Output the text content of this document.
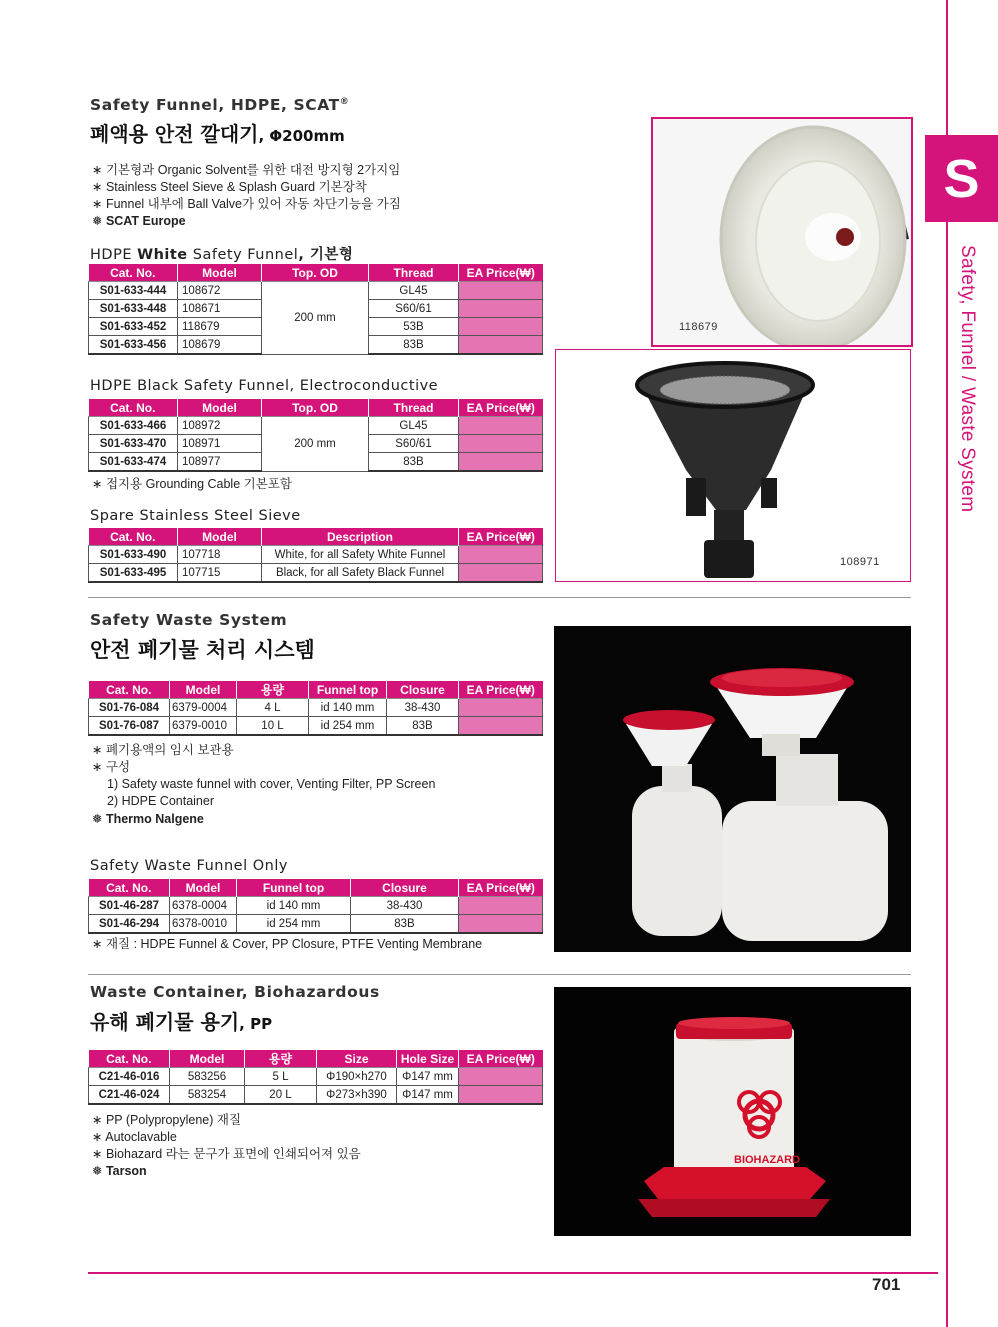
S
Safety, Funnel / Waste System
Safety Funnel, HDPE, SCAT®
폐액용 안전 깔대기, Φ200mm
∗ 기본형과 Organic Solvent를 위한 대전 방지형 2가지임
∗ Stainless Steel Sieve & Splash Guard 기본장착
∗ Funnel 내부에 Ball Valve가 있어 자동 차단기능을 가짐
❅ SCAT Europe
HDPE White Safety Funnel, 기본형
Cat. No.	Model	Top. OD	Thread	EA Price(₩)
S01-633-444	108672	200 mm	GL45	
S01-633-448	108671		S60/61	
S01-633-452	118679		53B	
S01-633-456	108679		83B	
HDPE Black Safety Funnel, Electroconductive
Cat. No.	Model	Top. OD	Thread	EA Price(₩)
S01-633-466	108972	200 mm	GL45	
S01-633-470	108971		S60/61	
S01-633-474	108977		83B	
∗ 접지용 Grounding Cable 기본포함
Spare Stainless Steel Sieve
Cat. No.	Model	Description	EA Price(₩)
S01-633-490	107718	White, for all Safety White Funnel	
S01-633-495	107715	Black, for all Safety Black Funnel	
118679
108971
Safety Waste System
안전 폐기물 처리 시스템
Cat. No.	Model	용량	Funnel top	Closure	EA Price(₩)
S01-76-084	6379-0004	4 L	id 140 mm	38-430	
S01-76-087	6379-0010	10 L	id 254 mm	83B	
∗ 폐기용액의 임시 보관용
∗ 구성
1) Safety waste funnel with cover, Venting Filter, PP Screen
2) HDPE Container
❅ Thermo Nalgene
Safety Waste Funnel Only
Cat. No.	Model	Funnel top	Closure	EA Price(₩)
S01-46-287	6378-0004	id 140 mm	38-430	
S01-46-294	6378-0010	id 254 mm	83B	
∗ 재질 : HDPE Funnel & Cover, PP Closure, PTFE Venting Membrane
Waste Container, Biohazardous
유해 폐기물 용기, PP
Cat. No.	Model	용량	Size	Hole Size	EA Price(₩)
C21-46-016	583256	5 L	Φ190×h270	Φ147 mm	
C21-46-024	583254	20 L	Φ273×h390	Φ147 mm	
∗ PP (Polypropylene) 재질
∗ Autoclavable
∗ Biohazard 라는 문구가 표면에 인쇄되어져 있음
❅ Tarson
BIOHAZARD
701
